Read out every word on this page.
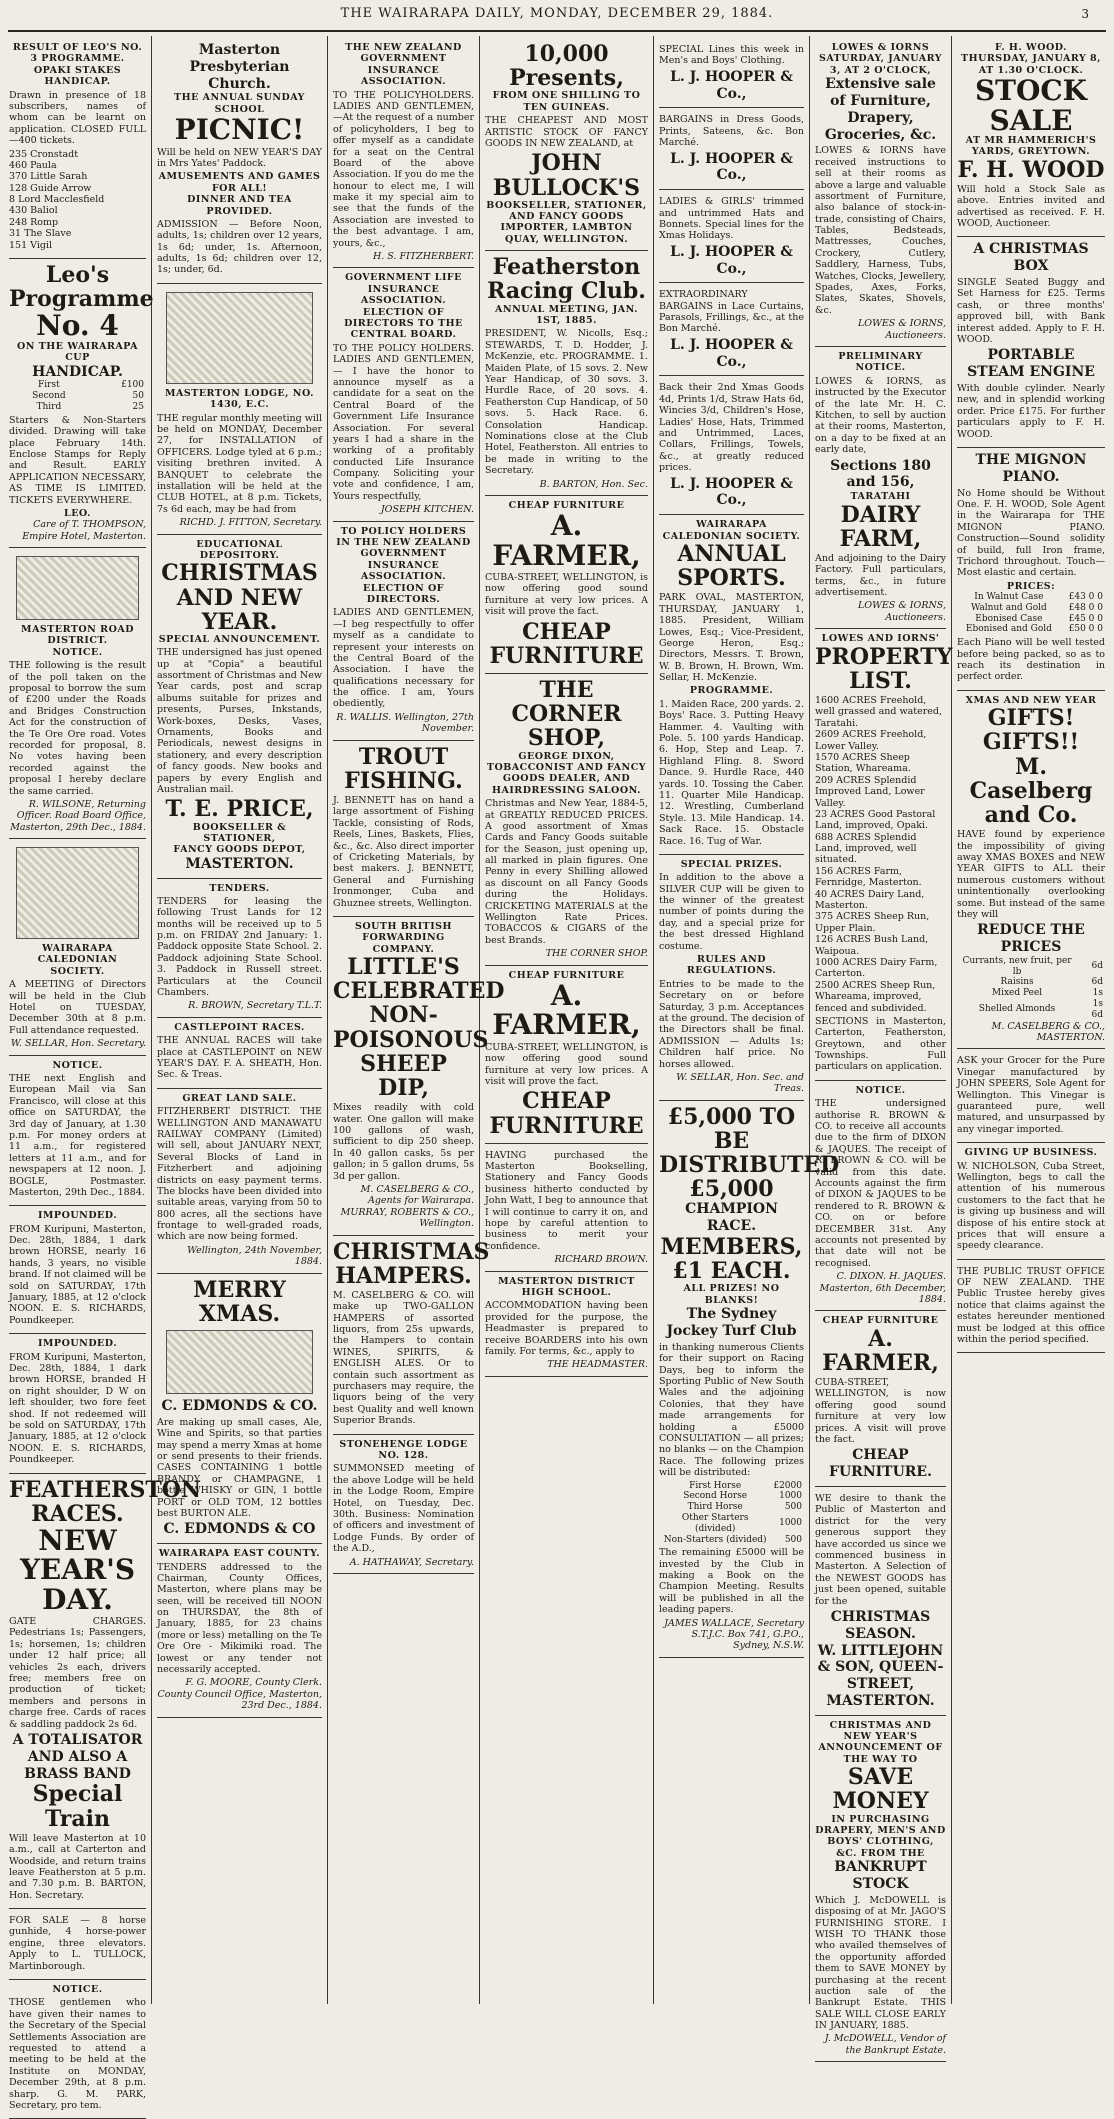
THE WAIRARAPA DAILY, MONDAY, DECEMBER 29, 1884.	3
RESULT OF LEO'S NO. 3 PROGRAMME.
OPAKI STAKES HANDICAP.

Drawn in presence of 18 subscribers, names of whom can be learnt on application. CLOSED FULL—400 tickets.

235 Cronstadt
460 Paula
370 Little Sarah
128 Guide Arrow
8 Lord Macclesfield
430 Baliol
248 Romp
31 The Slave
151 Vigil
Leo's Programme
No. 4
ON THE WAIRARAPA CUP
HANDICAP.
First	£100
Second	50
Third	25

Starters & Non-Starters divided. Drawing will take place February 14th. Enclose Stamps for Reply and Result. EARLY APPLICATION NECESSARY, AS TIME IS LIMITED. TICKETS EVERYWHERE.

LEO.
Care of T. THOMPSON, Empire Hotel, Masterton.
MASTERTON ROAD DISTRICT.
NOTICE.

THE following is the result of the poll taken on the proposal to borrow the sum of £200 under the Roads and Bridges Construction Act for the construction of the Te Ore Ore road. Votes recorded for proposal, 8. No votes having been recorded against the proposal I hereby declare the same carried.

R. WILSONE, Returning Officer. Road Board Office, Masterton, 29th Dec., 1884.
WAIRARAPA CALEDONIAN SOCIETY.

A MEETING of Directors will be held in the Club Hotel on TUESDAY, December 30th at 8 p.m. Full attendance requested.

W. SELLAR, Hon. Secretary.
NOTICE.

THE next English and European Mail via San Francisco, will close at this office on SATURDAY, the 3rd day of January, at 1.30 p.m. For money orders at 11 a.m., for registered letters at 11 a.m., and for newspapers at 12 noon. J. BOGLE, Postmaster. Masterton, 29th Dec., 1884.

IMPOUNDED.

FROM Kuripuni, Masterton, Dec. 28th, 1884, 1 dark brown HORSE, nearly 16 hands, 3 years, no visible brand. If not claimed will be sold on SATURDAY, 17th January, 1885, at 12 o'clock NOON. E. S. RICHARDS, Poundkeeper.

IMPOUNDED.

FROM Kuripuni, Masterton, Dec. 28th, 1884, 1 dark brown HORSE, branded H on right shoulder, D W on left shoulder, two fore feet shod. If not redeemed will be sold on SATURDAY, 17th January, 1885, at 12 o'clock NOON. E. S. RICHARDS, Poundkeeper.

FEATHERSTON RACES.
NEW YEAR'S DAY.

GATE CHARGES. Pedestrians 1s; Passengers, 1s; horsemen, 1s; children under 12 half price; all vehicles 2s each, drivers free; members free on production of ticket; members and persons in charge free. Cards of races & saddling paddock 2s 6d.

A TOTALISATOR AND ALSO A BRASS BAND
Special Train

Will leave Masterton at 10 a.m., call at Carterton and Woodside, and return trains leave Featherston at 5 p.m. and 7.30 p.m. B. BARTON, Hon. Secretary.

FOR SALE — 8 horse gunhide, 4 horse-power engine, three elevators. Apply to L. TULLOCK, Martinborough.

NOTICE.

THOSE gentlemen who have given their names to the Secretary of the Special Settlements Association are requested to attend a meeting to be held at the Institute on MONDAY, December 29th, at 8 p.m. sharp. G. M. PARK, Secretary, pro tem.

Masterton Presbyterian Church.
THE ANNUAL SUNDAY SCHOOL
PICNIC!

Will be held on NEW YEAR'S DAY in Mrs Yates' Paddock.

AMUSEMENTS AND GAMES FOR ALL!
DINNER AND TEA PROVIDED.

ADMISSION — Before Noon, adults, 1s; children over 12 years, 1s 6d; under, 1s. Afternoon, adults, 1s 6d; children over 12, 1s; under, 6d.

MASTERTON LODGE, NO. 1430, E.C.

THE regular monthly meeting will be held on MONDAY, December 27, for INSTALLATION of OFFICERS. Lodge tyled at 6 p.m.; visiting brethren invited. A BANQUET to celebrate the installation will be held at the CLUB HOTEL, at 8 p.m. Tickets, 7s 6d each, may be had from

RICHD. J. FITTON, Secretary.
EDUCATIONAL DEPOSITORY.
CHRISTMAS AND NEW YEAR.
SPECIAL ANNOUNCEMENT.

THE undersigned has just opened up at "Copia" a beautiful assortment of Christmas and New Year cards, post and scrap albums suitable for prizes and presents, Purses, Inkstands, Work-boxes, Desks, Vases, Ornaments, Books and Periodicals, newest designs in stationery, and every description of fancy goods. New books and papers by every English and Australian mail.

T. E. PRICE,
BOOKSELLER & STATIONER,
FANCY GOODS DEPOT,
MASTERTON.
TENDERS.

TENDERS for leasing the following Trust Lands for 12 months will be received up to 5 p.m. on FRIDAY 2nd January: 1. Paddock opposite State School. 2. Paddock adjoining State School. 3. Paddock in Russell street. Particulars at the Council Chambers.

R. BROWN, Secretary T.L.T.
CASTLEPOINT RACES.

THE ANNUAL RACES will take place at CASTLEPOINT on NEW YEAR'S DAY. F. A. SHEATH, Hon. Sec. & Treas.

GREAT LAND SALE.

FITZHERBERT DISTRICT. THE WELLINGTON AND MANAWATU RAILWAY COMPANY (Limited) will sell, about JANUARY NEXT, Several Blocks of Land in Fitzherbert and adjoining districts on easy payment terms. The blocks have been divided into suitable areas, varying from 50 to 800 acres, all the sections have frontage to well-graded roads, which are now being formed.

Wellington, 24th November, 1884.
MERRY XMAS.
C. EDMONDS & CO.

Are making up small cases, Ale, Wine and Spirits, so that parties may spend a merry Xmas at home or send presents to their friends. CASES CONTAINING 1 bottle BRANDY or CHAMPAGNE, 1 bottle WHISKY or GIN, 1 bottle PORT or OLD TOM, 12 bottles best BURTON ALE.

C. EDMONDS & CO
WAIRARAPA EAST COUNTY.

TENDERS addressed to the Chairman, County Offices, Masterton, where plans may be seen, will be received till NOON on THURSDAY, the 8th of January, 1885, for 23 chains (more or less) metalling on the Te Ore Ore - Mikimiki road. The lowest or any tender not necessarily accepted.

F. G. MOORE, County Clerk. County Council Office, Masterton, 23rd Dec., 1884.
THE NEW ZEALAND GOVERNMENT INSURANCE ASSOCIATION.

TO THE POLICYHOLDERS. LADIES AND GENTLEMEN,—At the request of a number of policyholders, I beg to offer myself as a candidate for a seat on the Central Board of the above Association. If you do me the honour to elect me, I will make it my special aim to see that the funds of the Association are invested to the best advantage. I am, yours, &c.,

H. S. FITZHERBERT.
GOVERNMENT LIFE INSURANCE ASSOCIATION. ELECTION OF DIRECTORS TO THE CENTRAL BOARD.

TO THE POLICY HOLDERS. LADIES AND GENTLEMEN,— I have the honor to announce myself as a candidate for a seat on the Central Board of the Government Life Insurance Association. For several years I had a share in the working of a profitably conducted Life Insurance Company. Soliciting your vote and confidence, I am, Yours respectfully,

JOSEPH KITCHEN.
TO POLICY HOLDERS IN THE NEW ZEALAND GOVERNMENT INSURANCE ASSOCIATION. ELECTION OF DIRECTORS.

LADIES AND GENTLEMEN,—I beg respectfully to offer myself as a candidate to represent your interests on the Central Board of the Association. I have the qualifications necessary for the office. I am, Yours obediently,

R. WALLIS. Wellington, 27th November.
TROUT FISHING.

J. BENNETT has on hand a large assortment of Fishing Tackle, consisting of Rods, Reels, Lines, Baskets, Flies, &c., &c. Also direct importer of Cricketing Materials, by best makers. J. BENNETT, General and Furnishing Ironmonger, Cuba and Ghuznee streets, Wellington.

SOUTH BRITISH FORWARDING COMPANY.
LITTLE'S CELEBRATED NON-POISONOUS SHEEP DIP,

Mixes readily with cold water. One gallon will make 100 gallons of wash, sufficient to dip 250 sheep. In 40 gallon casks, 5s per gallon; in 5 gallon drums, 5s 3d per gallon.

M. CASELBERG & CO., Agents for Wairarapa. MURRAY, ROBERTS & CO., Wellington.
CHRISTMAS HAMPERS.

M. CASELBERG & CO. will make up TWO-GALLON HAMPERS of assorted liquors, from 25s upwards, the Hampers to contain WINES, SPIRITS, & ENGLISH ALES. Or to contain such assortment as purchasers may require, the liquors being of the very best Quality and well known Superior Brands.

STONEHENGE LODGE NO. 128.

SUMMONSED meeting of the above Lodge will be held in the Lodge Room, Empire Hotel, on Tuesday, Dec. 30th. Business: Nomination of officers and investment of Lodge Funds. By order of the A.D.,

A. HATHAWAY, Secretary.
10,000 Presents,
FROM ONE SHILLING TO TEN GUINEAS.

THE CHEAPEST AND MOST ARTISTIC STOCK OF FANCY GOODS IN NEW ZEALAND, at

JOHN BULLOCK'S
BOOKSELLER, STATIONER, AND FANCY GOODS IMPORTER, LAMBTON QUAY, WELLINGTON.
Featherston Racing Club.
ANNUAL MEETING, JAN. 1ST, 1885.

PRESIDENT, W. Nicolls, Esq.; STEWARDS, T. D. Hodder, J. McKenzie, etc. PROGRAMME. 1. Maiden Plate, of 15 sovs. 2. New Year Handicap, of 30 sovs. 3. Hurdle Race, of 20 sovs. 4. Featherston Cup Handicap, of 50 sovs. 5. Hack Race. 6. Consolation Handicap. Nominations close at the Club Hotel, Featherston. All entries to be made in writing to the Secretary.

B. BARTON, Hon. Sec.
CHEAP FURNITURE
A. FARMER,

CUBA-STREET, WELLINGTON, is now offering good sound furniture at very low prices. A visit will prove the fact.

CHEAP FURNITURE
THE CORNER SHOP,
GEORGE DIXON, TOBACCONIST AND FANCY GOODS DEALER, AND HAIRDRESSING SALOON.

Christmas and New Year, 1884-5, at GREATLY REDUCED PRICES. A good assortment of Xmas Cards and Fancy Goods suitable for the Season, just opening up, all marked in plain figures. One Penny in every Shilling allowed as discount on all Fancy Goods during the Holidays. CRICKETING MATERIALS at the Wellington Rate Prices. TOBACCOS & CIGARS of the best Brands.

THE CORNER SHOP.
CHEAP FURNITURE
A. FARMER,

CUBA-STREET, WELLINGTON, is now offering good sound furniture at very low prices. A visit will prove the fact.

CHEAP FURNITURE

HAVING purchased the Masterton Bookselling, Stationery and Fancy Goods business hitherto conducted by John Watt, I beg to announce that I will continue to carry it on, and hope by careful attention to business to merit your confidence.

RICHARD BROWN.
MASTERTON DISTRICT HIGH SCHOOL.

ACCOMMODATION having been provided for the purpose, the Headmaster is prepared to receive BOARDERS into his own family. For terms, &c., apply to

THE HEADMASTER.

SPECIAL Lines this week in Men's and Boys' Clothing.

L. J. HOOPER & Co.,

BARGAINS in Dress Goods, Prints, Sateens, &c. Bon Marché.

L. J. HOOPER & Co.,

LADIES & GIRLS' trimmed and untrimmed Hats and Bonnets. Special lines for the Xmas Holidays.

L. J. HOOPER & Co.,

EXTRAORDINARY BARGAINS in Lace Curtains, Parasols, Frillings, &c., at the Bon Marché.

L. J. HOOPER & Co.,

Back their 2nd Xmas Goods 4d, Prints 1/d, Straw Hats 6d, Wincies 3/d, Children's Hose, Ladies' Hose, Hats, Trimmed and Untrimmed, Laces, Collars, Frillings, Towels, &c., at greatly reduced prices.

L. J. HOOPER & Co.,
WAIRARAPA CALEDONIAN SOCIETY.
ANNUAL SPORTS.

PARK OVAL, MASTERTON, THURSDAY, JANUARY 1, 1885. President, William Lowes, Esq.; Vice-President, George Heron, Esq.; Directors, Messrs. T. Brown, W. B. Brown, H. Brown, Wm. Sellar, H. McKenzie.

PROGRAMME.

1. Maiden Race, 200 yards. 2. Boys' Race. 3. Putting Heavy Hammer. 4. Vaulting with Pole. 5. 100 yards Handicap. 6. Hop, Step and Leap. 7. Highland Fling. 8. Sword Dance. 9. Hurdle Race, 440 yards. 10. Tossing the Caber. 11. Quarter Mile Handicap. 12. Wrestling, Cumberland Style. 13. Mile Handicap. 14. Sack Race. 15. Obstacle Race. 16. Tug of War.

SPECIAL PRIZES.

In addition to the above a SILVER CUP will be given to the winner of the greatest number of points during the day, and a special prize for the best dressed Highland costume.

RULES AND REGULATIONS.

Entries to be made to the Secretary on or before Saturday, 3 p.m. Acceptances at the ground. The decision of the Directors shall be final. ADMISSION — Adults 1s; Children half price. No horses allowed.

W. SELLAR, Hon. Sec. and Treas.
£5,000 TO BE DISTRIBUTED £5,000
CHAMPION RACE.
MEMBERS, £1 EACH.
ALL PRIZES! NO BLANKS!
The Sydney Jockey Turf Club

in thanking numerous Clients for their support on Racing Days, beg to inform the Sporting Public of New South Wales and the adjoining Colonies, that they have made arrangements for holding a £5000 CONSULTATION — all prizes; no blanks — on the Champion Race. The following prizes will be distributed:

First Horse	£2000
Second Horse	1000
Third Horse	500
Other Starters (divided)	1000
Non-Starters (divided)	500

The remaining £5000 will be invested by the Club in making a Book on the Champion Meeting. Results will be published in all the leading papers.

JAMES WALLACE, Secretary S.T.J.C. Box 741, G.P.O., Sydney, N.S.W.
LOWES & IORNS
SATURDAY, JANUARY 3, AT 2 O'CLOCK,
Extensive sale of Furniture, Drapery, Groceries, &c.

LOWES & IORNS have received instructions to sell at their rooms as above a large and valuable assortment of Furniture, also balance of stock-in-trade, consisting of Chairs, Tables, Bedsteads, Mattresses, Couches, Crockery, Cutlery, Saddlery, Harness, Tubs, Watches, Clocks, Jewellery, Spades, Axes, Forks, Slates, Skates, Shovels, &c.

LOWES & IORNS, Auctioneers.
PRELIMINARY NOTICE.

LOWES & IORNS, as instructed by the Executor of the late Mr. H. C. Kitchen, to sell by auction at their rooms, Masterton, on a day to be fixed at an early date,

Sections 180 and 156,
TARATAHI
DAIRY FARM,

And adjoining to the Dairy Factory. Full particulars, terms, &c., in future advertisement.

LOWES & IORNS, Auctioneers.
LOWES AND IORNS'
PROPERTY LIST.
1600 ACRES Freehold, well grassed and watered, Taratahi.
2609 ACRES Freehold, Lower Valley.
1570 ACRES Sheep Station, Whareama.
209 ACRES Splendid Improved Land, Lower Valley.
23 ACRES Good Pastoral Land, improved, Opaki.
688 ACRES Splendid Land, improved, well situated.
156 ACRES Farm, Fernridge, Masterton.
40 ACRES Dairy Land, Masterton.
375 ACRES Sheep Run, Upper Plain.
126 ACRES Bush Land, Waipoua.
1000 ACRES Dairy Farm, Carterton.
2500 ACRES Sheep Run, Whareama, improved, fenced and subdivided.

SECTIONS in Masterton, Carterton, Featherston, Greytown, and other Townships. Full particulars on application.

NOTICE.

THE undersigned authorise R. BROWN & CO. to receive all accounts due to the firm of DIXON & JAQUES. The receipt of R. BROWN & CO. will be valid from this date. Accounts against the firm of DIXON & JAQUES to be rendered to R. BROWN & CO. on or before DECEMBER 31st. Any accounts not presented by that date will not be recognised.

C. DIXON. H. JAQUES. Masterton, 6th December, 1884.
CHEAP FURNITURE
A. FARMER,

CUBA-STREET, WELLINGTON, is now offering good sound furniture at very low prices. A visit will prove the fact.

CHEAP FURNITURE.

WE desire to thank the Public of Masterton and district for the very generous support they have accorded us since we commenced business in Masterton. A Selection of the NEWEST GOODS has just been opened, suitable for the

CHRISTMAS SEASON.
W. LITTLEJOHN & SON, QUEEN-STREET, MASTERTON.
CHRISTMAS AND NEW YEAR'S ANNOUNCEMENT OF THE WAY TO
SAVE MONEY
IN PURCHASING DRAPERY, MEN'S AND BOYS' CLOTHING, &C. FROM THE
BANKRUPT STOCK

Which J. McDOWELL is disposing of at Mr. JAGO'S FURNISHING STORE. I WISH TO THANK those who availed themselves of the opportunity afforded them to SAVE MONEY by purchasing at the recent auction sale of the Bankrupt Estate. THIS SALE WILL CLOSE EARLY IN JANUARY, 1885.

J. McDOWELL, Vendor of the Bankrupt Estate.
F. H. WOOD.
THURSDAY, JANUARY 8, AT 1.30 O'CLOCK.
STOCK SALE
AT MR HAMMERICH'S YARDS, GREYTOWN.
F. H. WOOD

Will hold a Stock Sale as above. Entries invited and advertised as received. F. H. WOOD, Auctioneer.

A CHRISTMAS BOX

SINGLE Seated Buggy and Set Harness for £25. Terms cash, or three months' approved bill, with Bank interest added. Apply to F. H. WOOD.

PORTABLE STEAM ENGINE

With double cylinder. Nearly new, and in splendid working order. Price £175. For further particulars apply to F. H. WOOD.

THE MIGNON PIANO.

No Home should be Without One. F. H. WOOD, Sole Agent in the Wairarapa for THE MIGNON PIANO. Construction—Sound solidity of build, full Iron frame, Trichord throughout. Touch—Most elastic and certain.

PRICES:
In Walnut Case	£43 0 0
Walnut and Gold	£48 0 0
Ebonised Case	£45 0 0
Ebonised and Gold	£50 0 0

Each Piano will be well tested before being packed, so as to reach its destination in perfect order.

XMAS AND NEW YEAR
GIFTS! GIFTS!!
M. Caselberg and Co.

HAVE found by experience the impossibility of giving away XMAS BOXES and NEW YEAR GIFTS to ALL their numerous customers without unintentionally overlooking some. But instead of the same they will

REDUCE THE PRICES
Currants, new fruit, per lb	6d
Raisins	6d
Mixed Peel	1s
Shelled Almonds	1s 6d
M. CASELBERG & CO., MASTERTON.

ASK your Grocer for the Pure Vinegar manufactured by JOHN SPEERS, Sole Agent for Wellington. This Vinegar is guaranteed pure, well matured, and unsurpassed by any vinegar imported.

GIVING UP BUSINESS.

W. NICHOLSON, Cuba Street, Wellington, begs to call the attention of his numerous customers to the fact that he is giving up business and will dispose of his entire stock at prices that will ensure a speedy clearance.

THE PUBLIC TRUST OFFICE OF NEW ZEALAND. THE Public Trustee hereby gives notice that claims against the estates hereunder mentioned must be lodged at this office within the period specified.
